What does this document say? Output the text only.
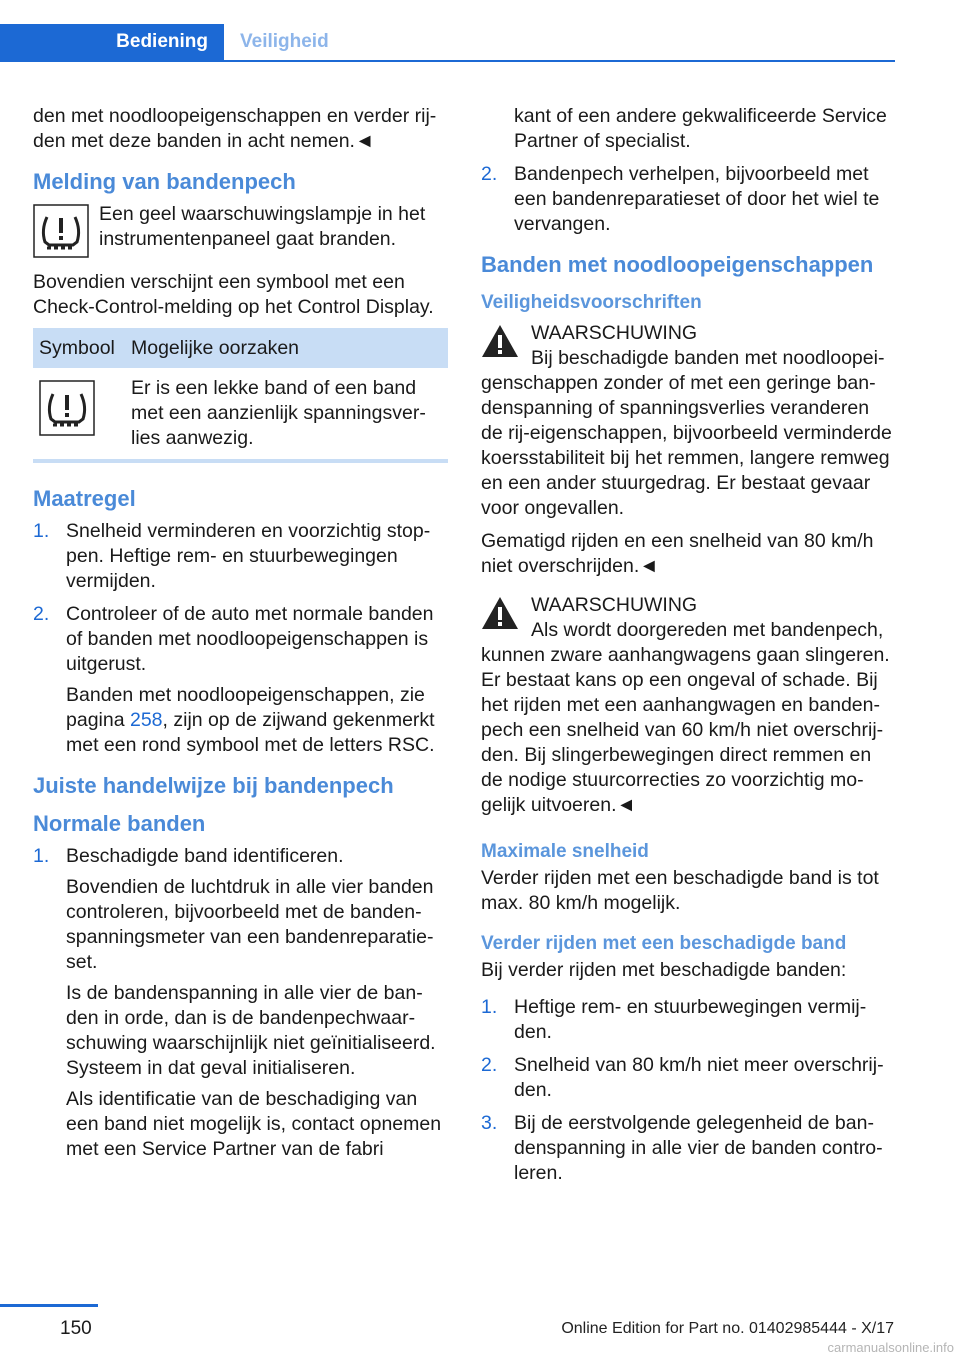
Bediening	Veiligheid

den met noodloopeigenschappen en verder rijden met deze banden in acht nemen.◄

Melding van bandenpech

Een geel waarschuwingslampje in het instrumentenpaneel gaat branden.

Bovendien verschijnt een symbool met een Check-Control-melding op het Control Display.

Symbool	Mogelijke oorzaken
	Er is een lekke band of een band met een aanzienlijk spanningsverlies aanwezig.
Maatregel
1. Snelheid verminderen en voorzichtig stoppen. Heftige rem- en stuurbewegingen vermijden.

2. Controleer of de auto met normale banden of banden met noodloopeigenschappen is uitgerust.

Banden met noodloopeigenschappen, zie pagina 258, zijn op de zijwand gekenmerkt met een rond symbool met de letters RSC.

Juiste handelwijze bij bandenpech
Normale banden
1. Beschadigde band identificeren.

Bovendien de luchtdruk in alle vier banden controleren, bijvoorbeeld met de bandenspanningsmeter van een bandenreparatieset.

Is de bandenspanning in alle vier de banden in orde, dan is de bandenpechwaarschuwing waarschijnlijk niet geïnitialiseerd. Systeem in dat geval initialiseren.

Als identificatie van de beschadiging van een band niet mogelijk is, contact opnemen met een Service Partner van de fabri

kant of een andere gekwalificeerde Service Partner of specialist.

2. Bandenpech verhelpen, bijvoorbeeld met een bandenreparatieset of door het wiel te vervangen.

Banden met noodloopeigenschappen
Veiligheidsvoorschriften
WAARSCHUWING
Bij beschadigde banden met noodloopeigenschappen zonder of met een geringe bandenspanning of spanningsverlies veranderen de rij-eigenschappen, bijvoorbeeld verminderde koersstabiliteit bij het remmen, langere remweg en een ander stuurgedrag. Er bestaat gevaar voor ongevallen.

Gematigd rijden en een snelheid van 80 km/h niet overschrijden.◄

WAARSCHUWING
Als wordt doorgereden met bandenpech, kunnen zware aanhangwagens gaan slingeren. Er bestaat kans op een ongeval of schade. Bij het rijden met een aanhangwagen en bandenpech een snelheid van 60 km/h niet overschrijden. Bij slingerbewegingen direct remmen en de nodige stuurcorrecties zo voorzichtig mogelijk uitvoeren.◄
Maximale snelheid

Verder rijden met een beschadigde band is tot max. 80 km/h mogelijk.

Verder rijden met een beschadigde band

Bij verder rijden met beschadigde banden:

1. Heftige rem- en stuurbewegingen vermijden.

2. Snelheid van 80 km/h niet meer overschrijden.

3. Bij de eerstvolgende gelegenheid de bandenspanning in alle vier de banden controleren.

150	Online Edition for Part no. 01402985444 - X/17
carmanualsonline.info
